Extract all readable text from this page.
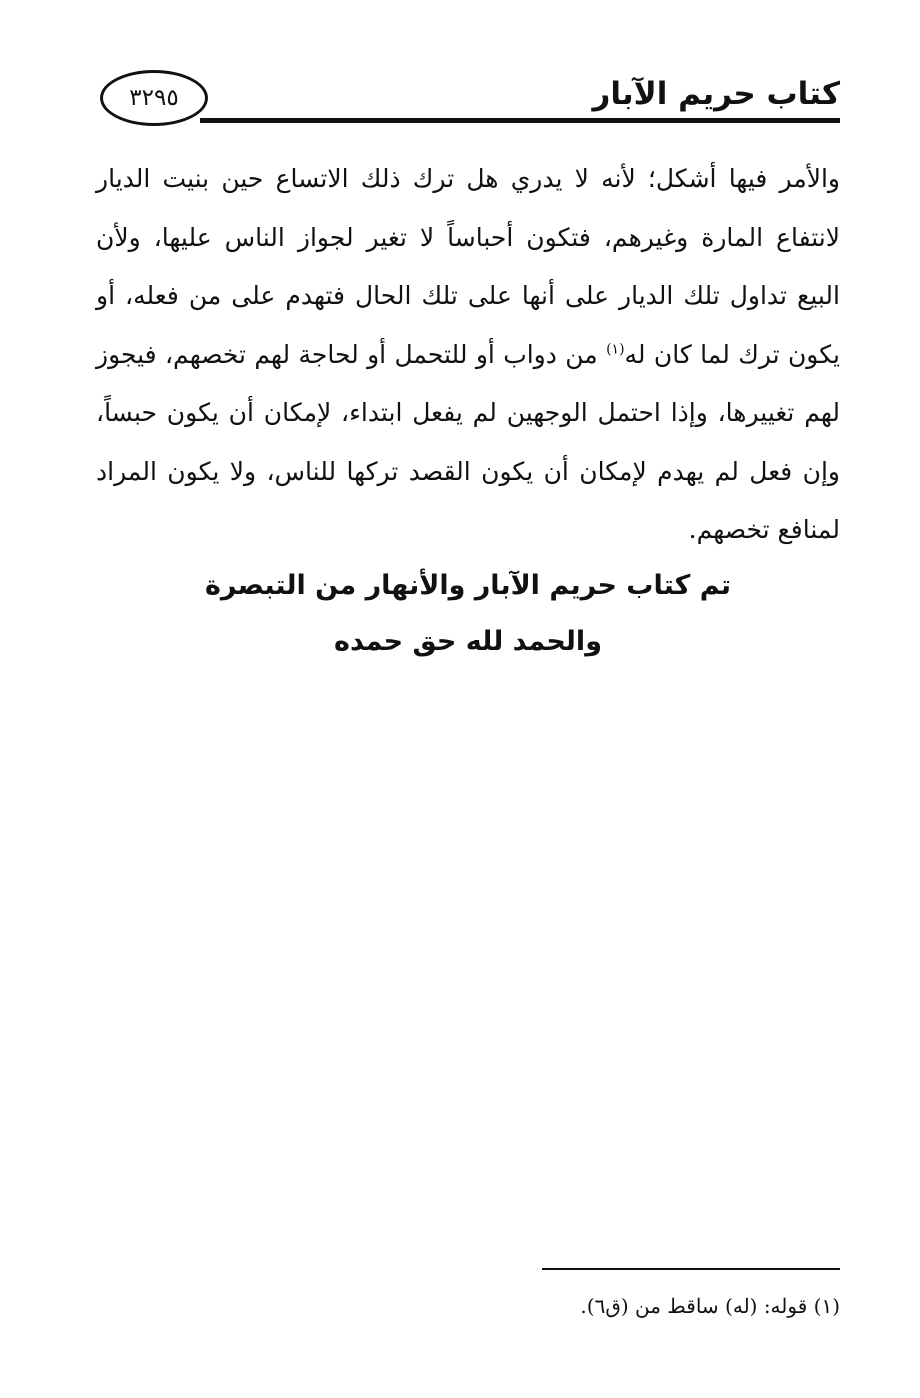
كتاب حريم الآبار
٣٢٩٥
والأمر فيها أشكل؛ لأنه لا يدري هل ترك ذلك الاتساع حين بنيت الديار
لانتفاع المارة وغيرهم، فتكون أحباساً لا تغير لجواز الناس عليها، ولأن
البيع تداول تلك الديار على أنها على تلك الحال فتهدم على من فعله، أو
يكون ترك لما كان له$^{(١)}$ من دواب أو للتحمل أو لحاجة لهم تخصهم، فيجوز
لهم تغييرها، وإذا احتمل الوجهين لم يفعل ابتداء، لإمكان أن يكون حبساً،
وإن فعل لم يهدم لإمكان أن يكون القصد تركها للناس، ولا يكون المراد
لمنافع تخصهم.
تم كتاب حريم الآبار والأنهار من التبصرة
والحمد لله حق حمده
(١) قوله: (له) ساقط من (ق٦).
